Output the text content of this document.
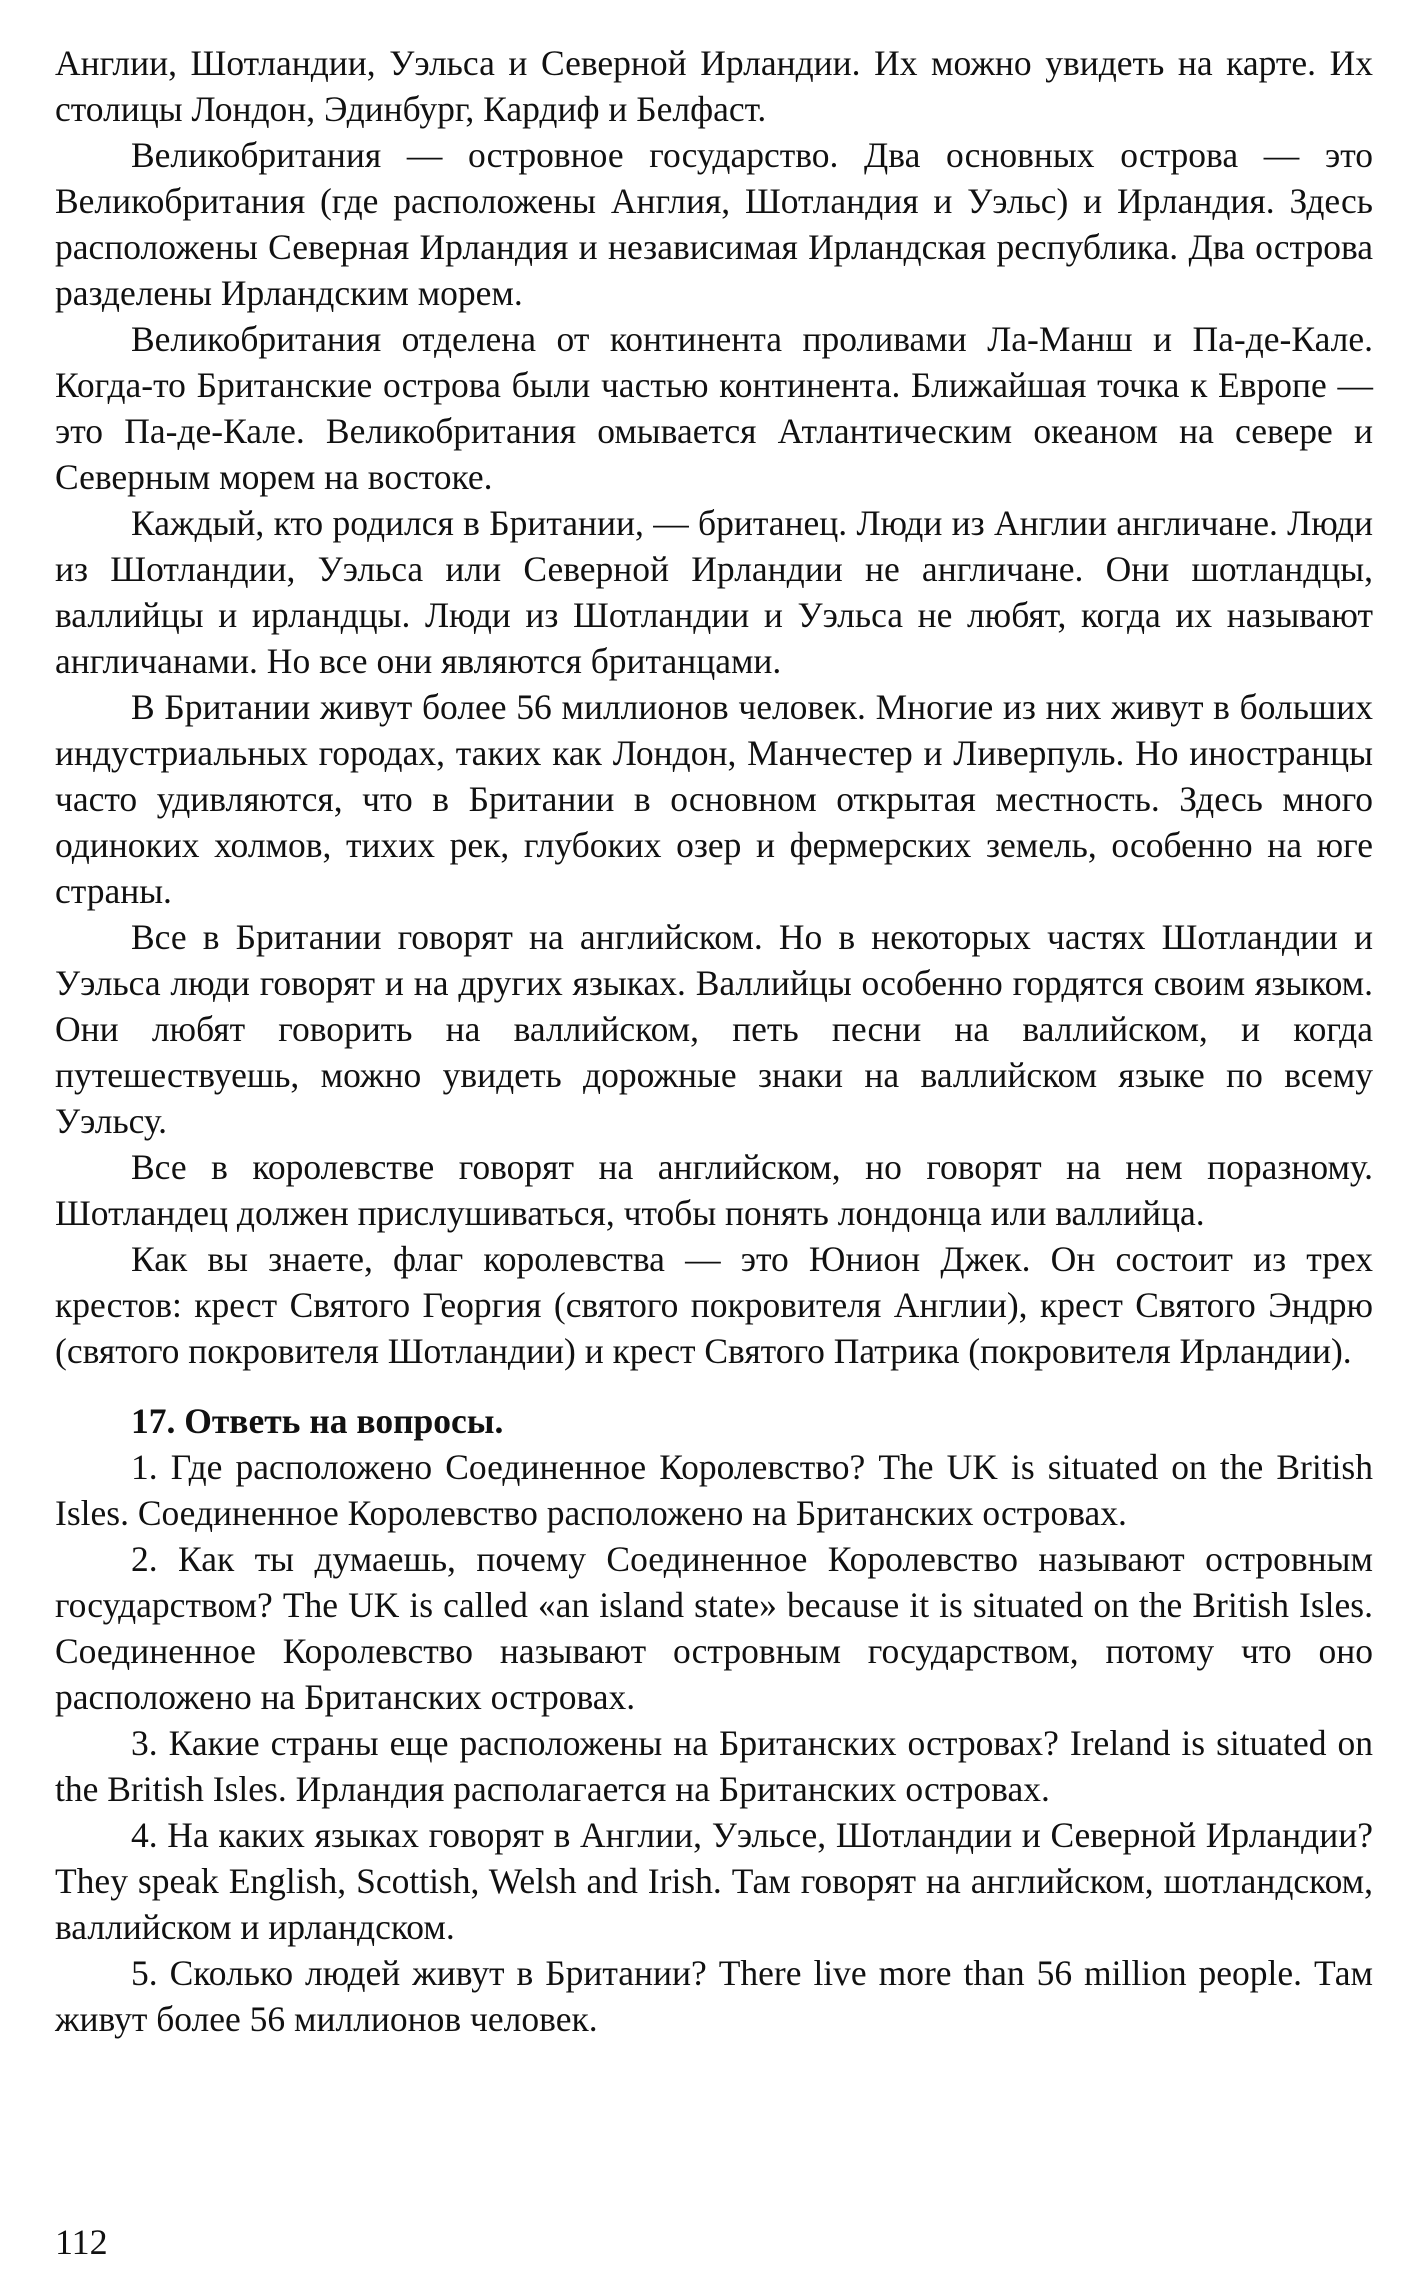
Англии, Шотландии, Уэльса и Северной Ирландии. Их можно увидеть на карте. Их столицы Лондон, Эдинбург, Кардиф и Белфаст.

Великобритания — островное государство. Два основных острова — это Великобритания (где расположены Англия, Шотландия и Уэльс) и Ирландия. Здесь расположены Северная Ирландия и независимая Ирландская республика. Два острова разделены Ирландским морем.

Великобритания отделена от континента проливами Ла-Манш и Па-де-Кале. Когда-то Британские острова были частью континента. Ближайшая точка к Европе — это Па-де-Кале. Великобритания омывается Атлантическим океаном на севере и Северным морем на востоке.

Каждый, кто родился в Британии, — британец. Люди из Англии англичане. Люди из Шотландии, Уэльса или Северной Ирландии не англичане. Они шотландцы, валлийцы и ирландцы. Люди из Шотландии и Уэльса не любят, когда их называют англичанами. Но все они являются британцами.

В Британии живут более 56 миллионов человек. Многие из них живут в больших индустриальных городах, таких как Лондон, Манчестер и Ливерпуль. Но иностранцы часто удивляются, что в Британии в основном открытая местность. Здесь много одиноких холмов, тихих рек, глубоких озер и фермерских земель, особенно на юге страны.

Все в Британии говорят на английском. Но в некоторых частях Шотландии и Уэльса люди говорят и на других языках. Валлийцы особенно гордятся своим языком. Они любят говорить на валлийском, петь песни на валлийском, и когда путешествуешь, можно увидеть дорожные знаки на валлийском языке по всему Уэльсу.

Все в королевстве говорят на английском, но говорят на нем поразному. Шотландец должен прислушиваться, чтобы понять лондонца или валлийца.

Как вы знаете, флаг королевства — это Юнион Джек. Он состоит из трех крестов: крест Святого Георгия (святого покровителя Англии), крест Святого Эндрю (святого покровителя Шотландии) и крест Святого Патрика (покровителя Ирландии).

17. Ответь на вопросы.

1. Где расположено Соединенное Королевство? The UK is situated on the British Isles. Соединенное Королевство расположено на Британских островах.

2. Как ты думаешь, почему Соединенное Королевство называют островным государством? The UK is called «an island state» because it is situated on the British Isles. Соединенное Королевство называют островным государством, потому что оно расположено на Британских островах.

3. Какие страны еще расположены на Британских островах? Ireland is situated on the British Isles. Ирландия располагается на Британских островах.

4. На каких языках говорят в Англии, Уэльсе, Шотландии и Северной Ирландии? They speak English, Scottish, Welsh and Irish. Там говорят на английском, шотландском, валлийском и ирландском.

5. Сколько людей живут в Британии? There live more than 56 million people. Там живут более 56 миллионов человек.

112
